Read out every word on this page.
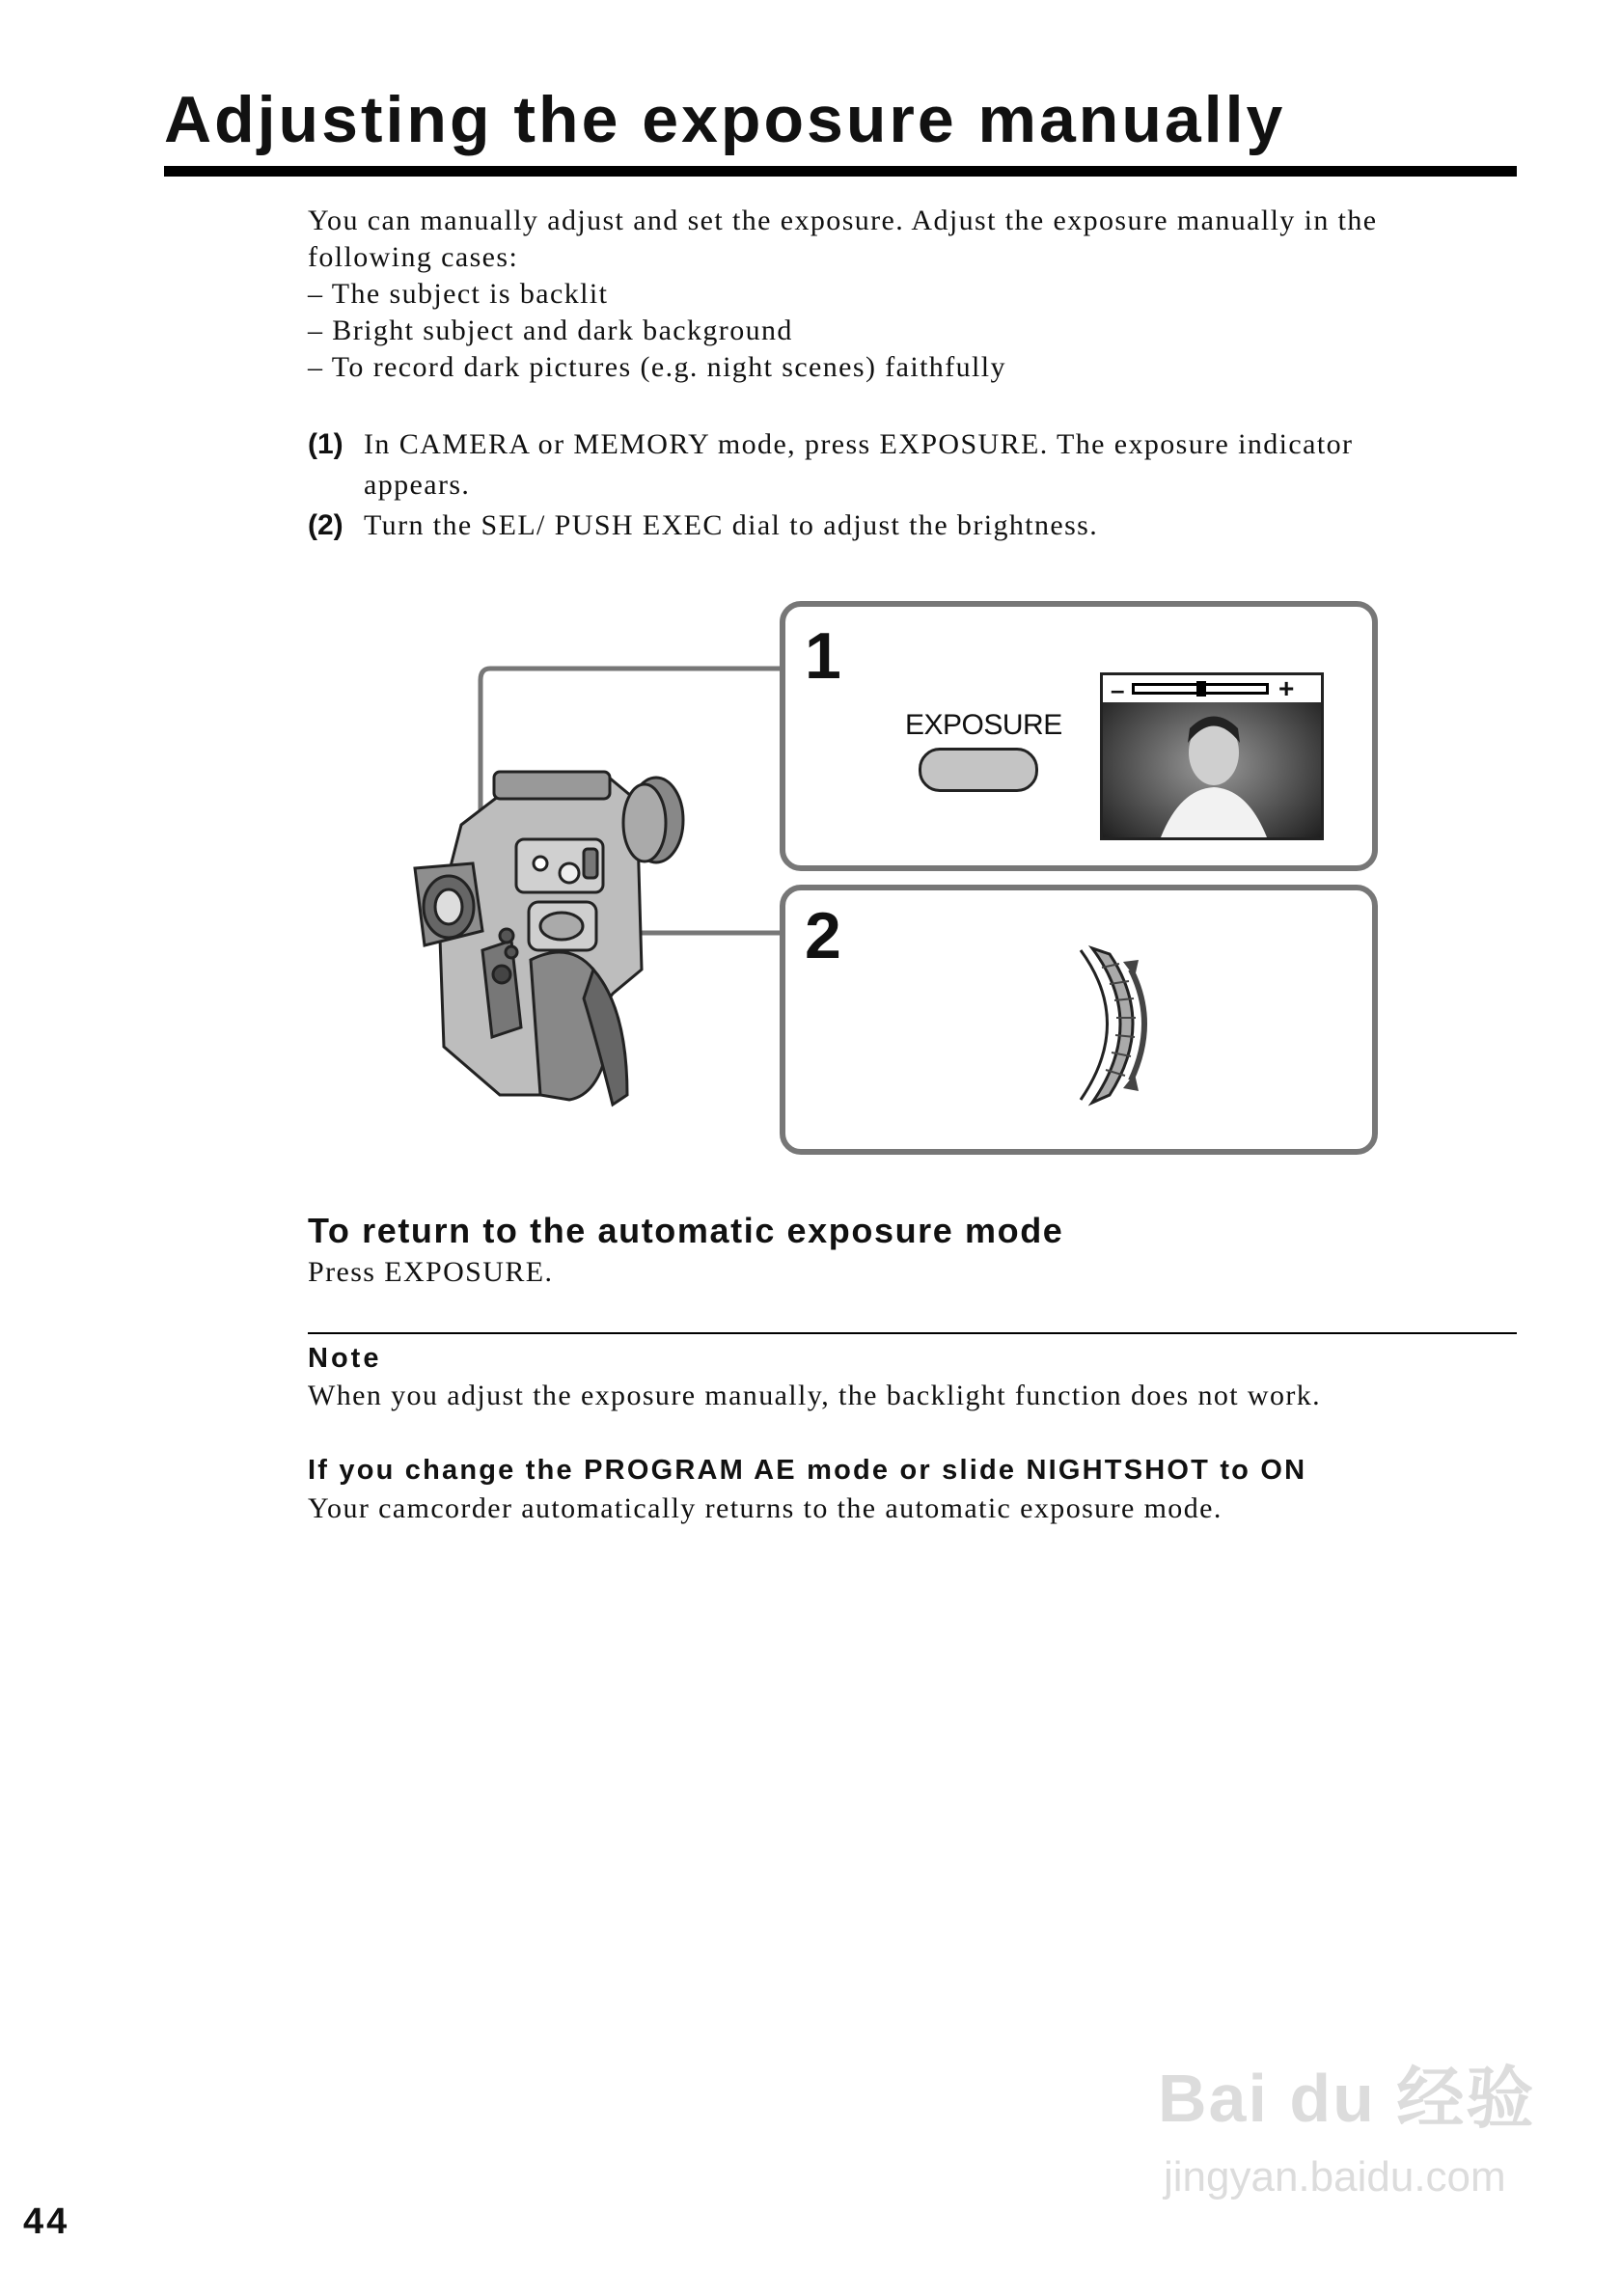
Adjusting the exposure manually
You can manually adjust and set the exposure. Adjust the exposure manually in the
following cases:
– The subject is backlit
– Bright subject and dark background
– To record dark pictures (e.g. night scenes) faithfully
(1) In CAMERA or MEMORY mode, press EXPOSURE. The exposure indicator
appears.
(2) Turn the SEL/ PUSH EXEC dial to adjust the brightness.
1
2
EXPOSURE
–	+
To return to the automatic exposure mode
Press EXPOSURE.
Note
When you adjust the exposure manually, the backlight function does not work.
If you change the PROGRAM AE mode or slide NIGHTSHOT to ON
Your camcorder automatically returns to the automatic exposure mode.
44
Bai du 经验
jingyan.baidu.com
